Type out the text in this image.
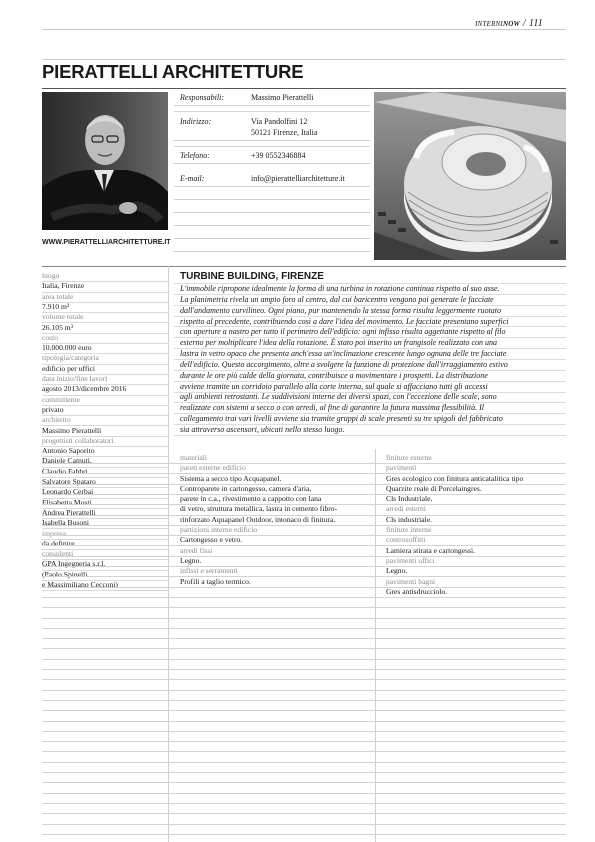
interninow / 111
PIERATTELLI ARCHITETTURE
WWW.PIERATTELLIARCHITETTURE.IT
Responsabili:	Massimo Pierattelli
Indirizzo:	Via Pandolfini 12
50121 Firenze, Italia
Telefono:	+39 0552346884
E-mail:	info@pierattelliarchitetture.it
luogo
Italia, Firenze
area totale
7.910 m²
volume totale
26.105 m³
costo
10.000.000 euro
tipologia/categoria
edificio per uffici
data inizio/fine lavori
agosto 2013/dicembre 2016
committente
privato
architetto
Massimo Pierattelli
progettisti collaboratori
Antonio Saporito
Daniele Camuti,
Claudio Fabbri
Salvatore Spataro
Leonardo Cerbai
Elisabetta Mosti
Andrea Pierattelli
Isabella Busoni
impresa
da definire
consulenti
GPA Ingegneria s.r.l.
(Paolo Spinelli
e Massimiliano Cecconi)
TURBINE BUILDING, FIRENZE
L'immobile ripropone idealmente la forma di una turbina in rotazione continua rispetto al suo asse.
La planimetria rivela un ampio foro al centro, dal cui baricentro vengono poi generate le facciate
dall'andamento curvilineo. Ogni piano, pur mantenendo la stessa forma risulta leggermente ruotato
rispetto al precedente, contribuendo così a dare l'idea del movimento. Le facciate presentano superfici
con aperture a nastro per tutto il perimetro dell'edificio: ogni infisso risulta aggettante rispetto al filo
esterno per moltiplicare l'idea della rotazione. È stato poi inserito un frangisole realizzato con una
lastra in vetro opaco che presenta anch'essa un'inclinazione crescente lungo ognuna delle tre facciate
dell'edificio. Questo accorgimento, oltre a svolgere la funzione di protezione dall'irraggiamento estivo
durante le ore più calde della giornata, contribuisce a movimentare i prospetti. La distribuzione
avviene tramite un corridoio parallelo alla corte interna, sul quale si affacciano tutti gli accessi
agli ambienti retrostanti. Le suddivisioni interne dei diversi spazi, con l'eccezione delle scale, sono
realizzate con sistemi a secco o con arredi, al fine di garantire la futura massima flessibilità. Il
collegamento trai vari livelli avviene sia tramite gruppi di scale presenti su tre spigoli del fabbricato
sia attraverso ascensori, ubicati nello stesso luogo.
materiali
pareti esterne edificio
Sistema a secco tipo Acquapanel.
Controparete in cartongesso, camera d'aria,
parete in c.a., rivestimento a cappotto con lana
di vetro, struttura metallica, lastra in cemento fibro-
rinforzato Aquapanel Outdoor, intonaco di finitura.
partizioni interne edificio
Cartongesso e vetro.
arredi fissi
Legno.
infissi e serramenti
Profili a taglio termico.
finiture esterne
pavimenti
Gres ecologico con finitura anticatalitica tipo
Quarzite reale di Porcelaingres.
Cls Industriale.
arredi esterni
Cls industriale.
finiture interne
controsoffitti
Lamiera stirata e cartongessi.
pavimenti uffici
Legno.
pavimenti bagni
Gres antisdrucciolo.
